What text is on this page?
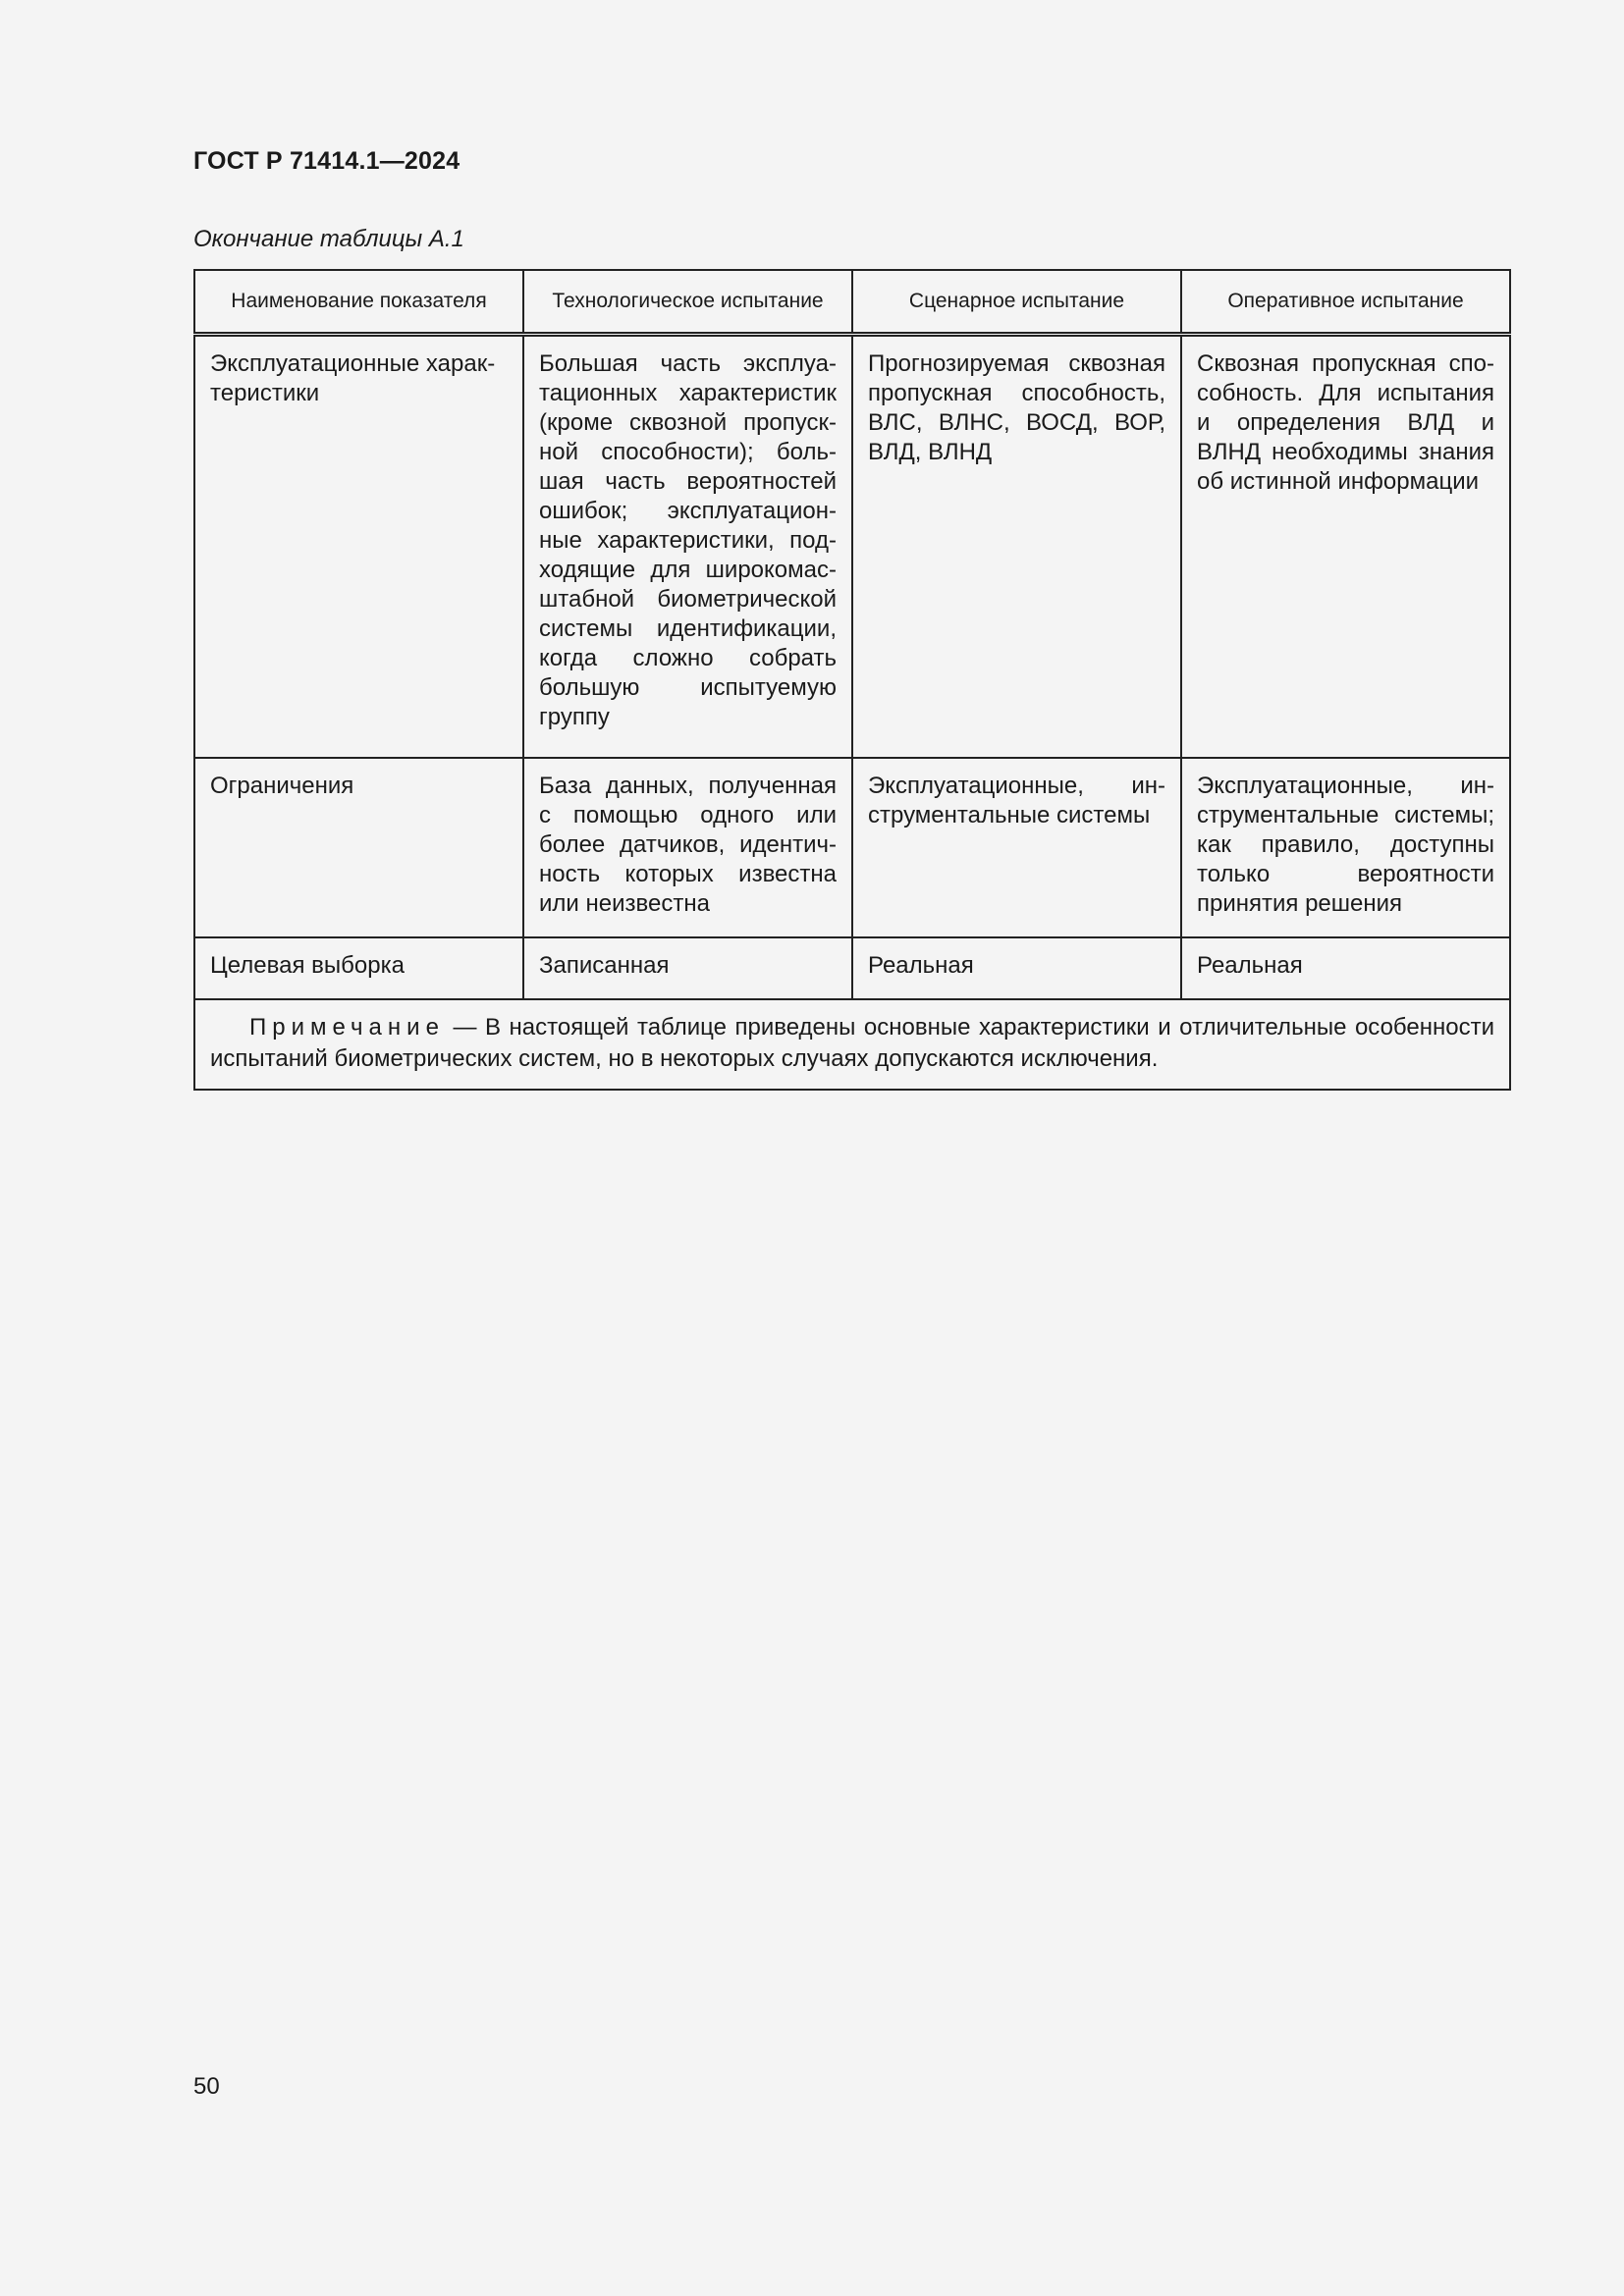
ГОСТ Р 71414.1—2024

Окончание таблицы А.1

Наименование показателя	Технологическое испытание	Сценарное испытание	Оперативное испытание
Эксплуатационные характеристики	Большая часть эксплуатационных характеристик (кроме сквозной пропускной способности); большая часть вероятностей ошибок; эксплуатационные характеристики, подходящие для широкомасштабной биометрической системы идентификации, когда сложно собрать большую испытуемую группу	Прогнозируемая сквозная пропускная способность, ВЛС, ВЛНС, ВОСД, ВОР, ВЛД, ВЛНД	Сквозная пропускная способность. Для испытания и определения ВЛД и ВЛНД необходимы знания об истинной информации
Ограничения	База данных, полученная с помощью одного или более датчиков, идентичность которых известна или неизвестна	Эксплуатационные, инструментальные системы	Эксплуатационные, инструментальные системы; как правило, доступны только вероятности принятия решения
Целевая выборка	Записанная	Реальная	Реальная
Примечание — В настоящей таблице приведены основные характеристики и отличительные особенности испытаний биометрических систем, но в некоторых случаях допускаются исключения.			

50
